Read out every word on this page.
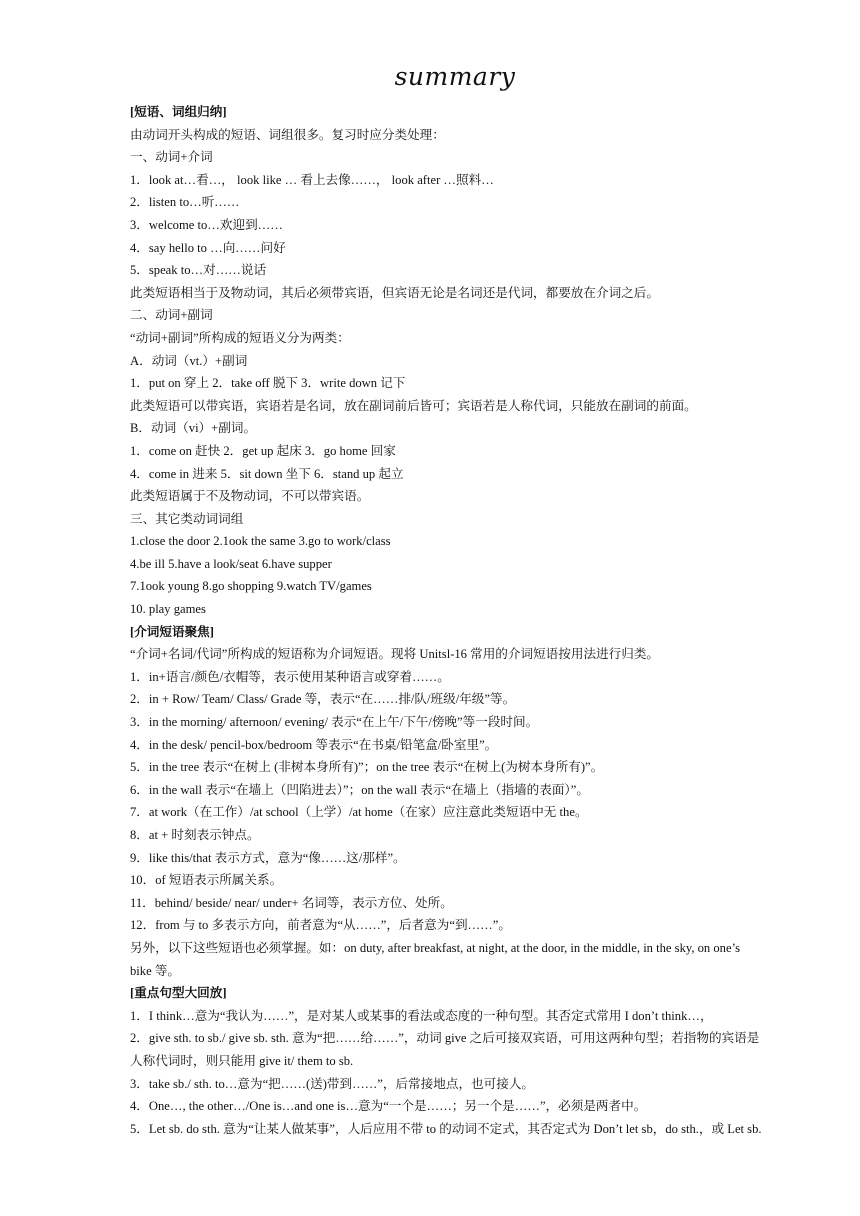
summary
[短语、词组归纳]
由动词开头构成的短语、词组很多。复习时应分类处理：
一、动词+介词
1．look at…看…， look like … 看上去像……， look after …照料…
2．listen to…听……
3．welcome to…欢迎到……
4．say hello to …向……问好
5．speak to…对……说话
此类短语相当于及物动词，其后必须带宾语，但宾语无论是名词还是代词，都要放在介词之后。
二、动词+副词
“动词+副词”所构成的短语义分为两类：
A．动词（vt.）+副词
1．put on 穿上 2．take off 脱下 3．write down 记下
此类短语可以带宾语，宾语若是名词，放在副词前后皆可；宾语若是人称代词，只能放在副词的前面。
B．动词（vi）+副词。
1．come on 赶快 2．get up 起床 3．go home 回家
4．come in 进来 5．sit down 坐下 6．stand up 起立
此类短语属于不及物动词，不可以带宾语。
三、其它类动词词组
1.close the door 2.1ook the same 3.go to work/class
4.be ill 5.have a look/seat 6.have supper
7.1ook young 8.go shopping 9.watch TV/games
10. play games
[介词短语聚焦]
“介词+名词/代词”所构成的短语称为介词短语。现将 Unitsl-16 常用的介词短语按用法进行归类。
1．in+语言/颜色/衣帽等，表示使用某种语言或穿着……。
2．in + Row/ Team/ Class/ Grade 等，表示“在……排/队/班级/年级”等。
3．in the morning/ afternoon/ evening/ 表示“在上午/下午/傍晚”等一段时间。
4．in the desk/ pencil-box/bedroom 等表示“在书桌/铅笔盒/卧室里”。
5．in the tree 表示“在树上 (非树本身所有)”；on the tree 表示“在树上(为树本身所有)”。
6．in the wall 表示“在墙上（凹陷进去）”；on the wall 表示“在墙上（指墙的表面）”。
7．at work（在工作）/at school（上学）/at home（在家）应注意此类短语中无 the。
8．at + 时刻表示钟点。
9．like this/that 表示方式，意为“像……这/那样”。
10．of 短语表示所属关系。
11．behind/ beside/ near/ under+ 名词等，表示方位、处所。
12．from 与 to 多表示方向，前者意为“从……”，后者意为“到……”。
另外，以下这些短语也必须掌握。如：on duty, after breakfast, at night, at the door, in the middle, in the sky, on one’s
bike 等。
[重点句型大回放]
1．I think…意为“我认为……”，是对某人或某事的看法或态度的一种句型。其否定式常用 I don’t think…，
2．give sth. to sb./ give sb. sth. 意为“把……给……”，动词 give 之后可接双宾语，可用这两种句型；若指物的宾语是
人称代词时，则只能用 give it/ them to sb.
3．take sb./ sth. to…意为“把……(送)带到……”，后常接地点，也可接人。
4．One…, the other…/One is…and one is…意为“一个是……；另一个是……”，必须是两者中。
5．Let sb. do sth. 意为“让某人做某事”，人后应用不带 to 的动词不定式，其否定式为 Don’t let sb，do sth.，或 Let sb.
